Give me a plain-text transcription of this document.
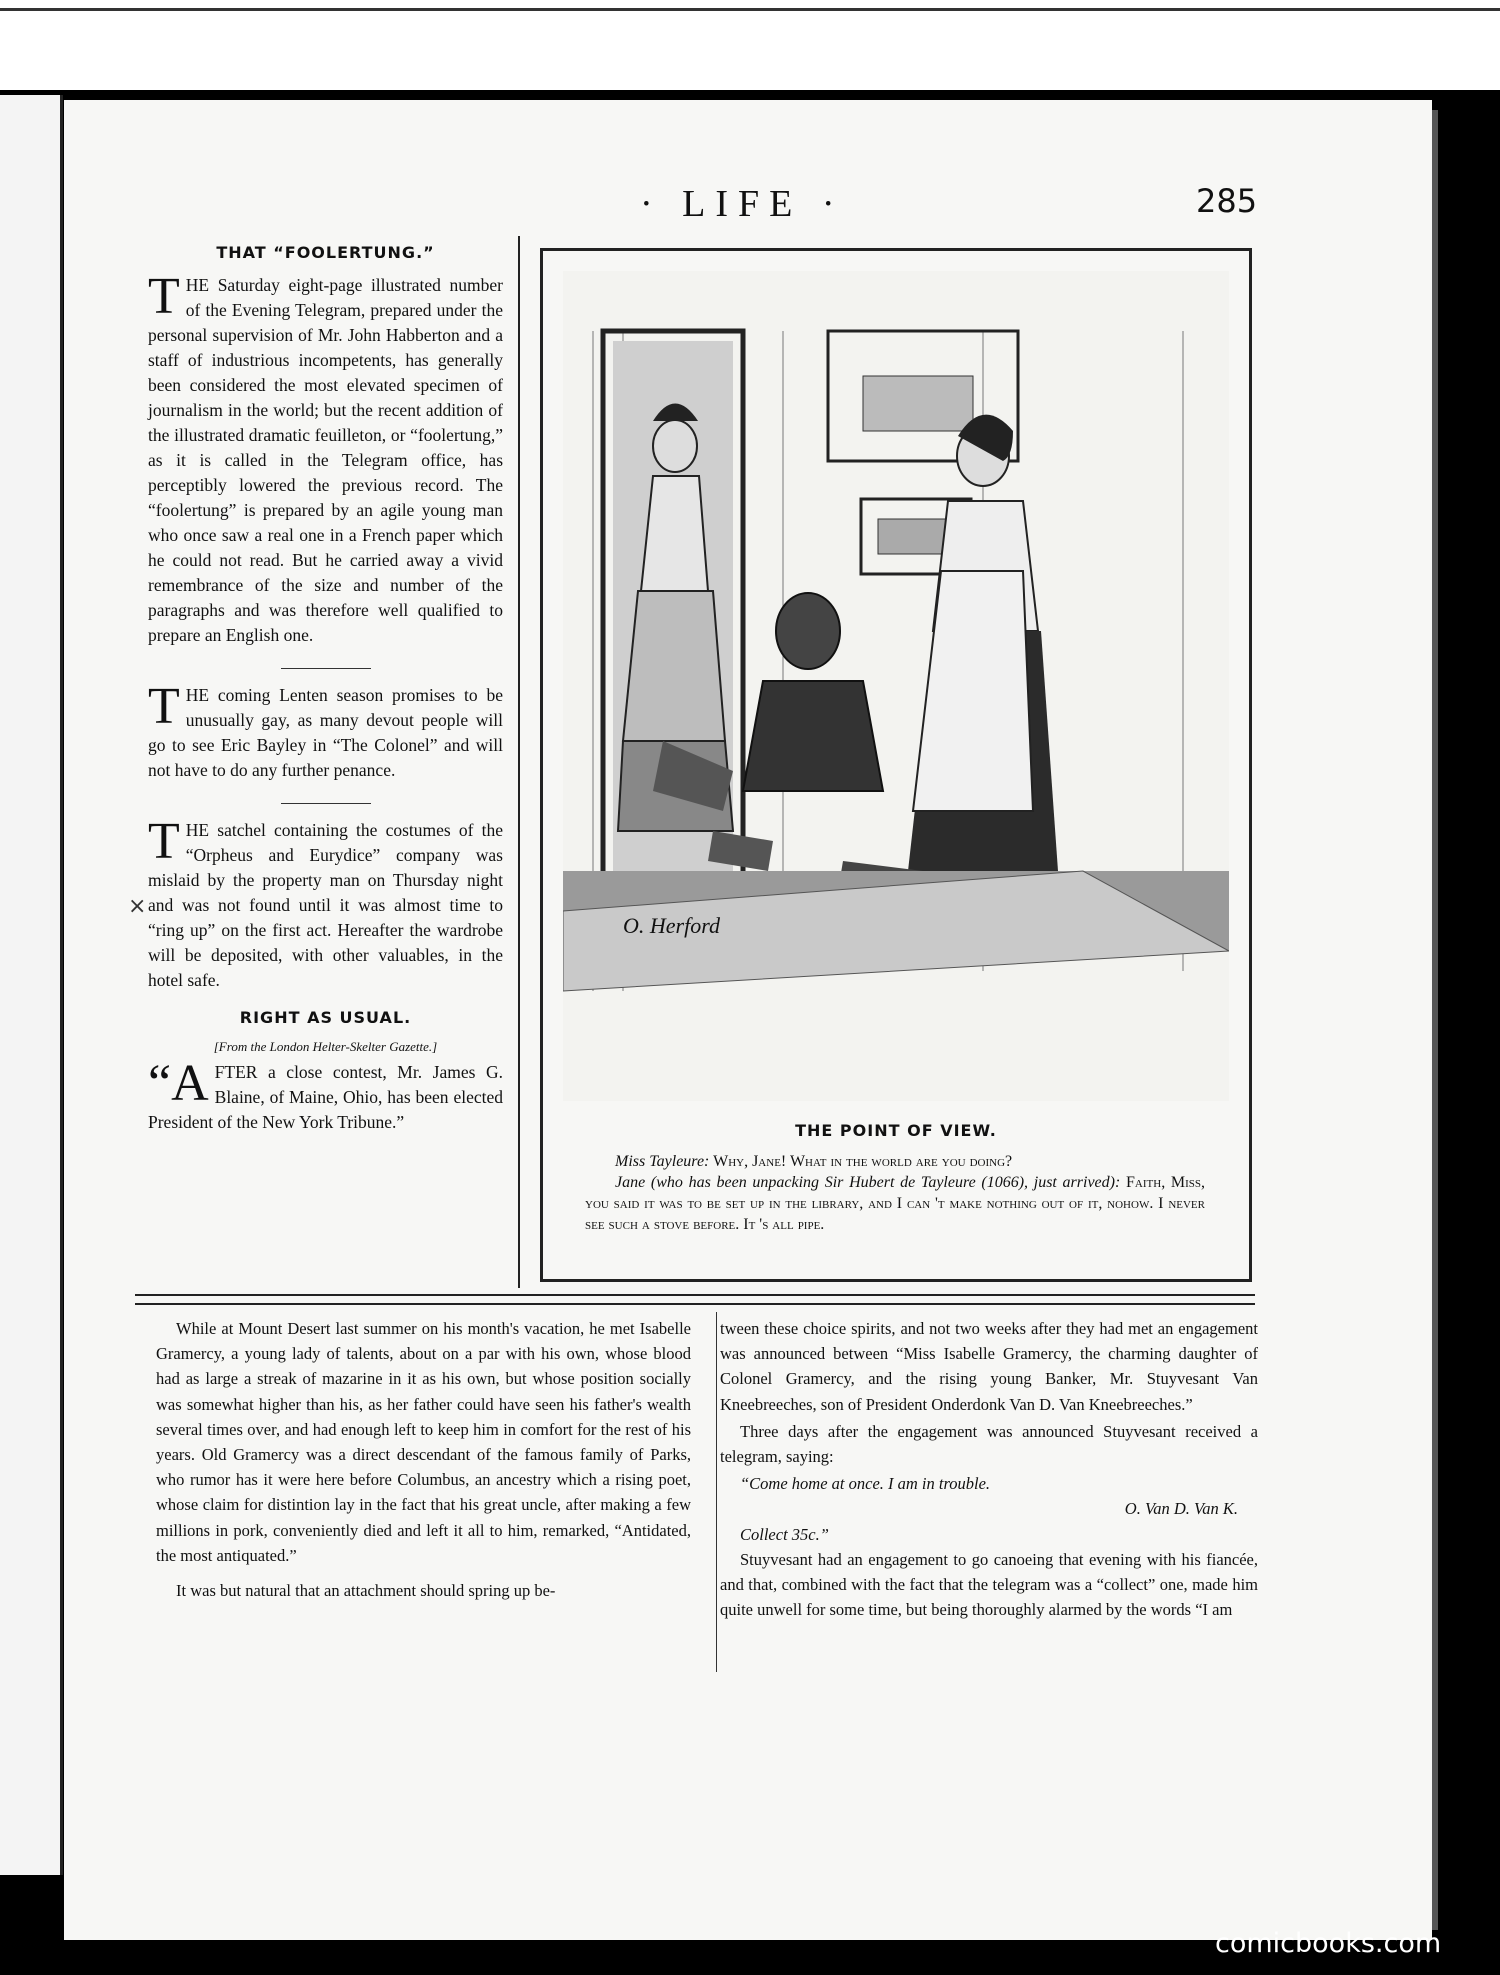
· LIFE ·	285
THAT “FOOLERTUNG.”

THE Saturday eight-page illustrated number of the Evening Telegram, prepared under the personal supervision of Mr. John Habberton and a staff of industrious incompetents, has generally been considered the most elevated specimen of journalism in the world; but the recent addition of the illustrated dramatic feuilleton, or “foolertung,” as it is called in the Telegram office, has perceptibly lowered the previous record. The “foolertung” is prepared by an agile young man who once saw a real one in a French paper which he could not read. But he carried away a vivid remembrance of the size and number of the paragraphs and was therefore well qualified to prepare an English one.

THE coming Lenten season promises to be unusually gay, as many devout people will go to see Eric Bayley in “The Colonel” and will not have to do any further penance.

THE satchel containing the costumes of the “Orpheus and Eurydice” company was mislaid by the property man on Thursday night and was not found until it was almost time to “ring up” on the first act. Hereafter the wardrobe will be deposited, with other valuables, in the hotel safe.

RIGHT AS USUAL.
[From the London Helter-Skelter Gazette.]

“AFTER a close contest, Mr. James G. Blaine, of Maine, Ohio, has been elected President of the New York Tribune.”

×
O. Herford
THE POINT OF VIEW.
Miss Tayleure: Why, Jane! What in the world are you doing?
Jane (who has been unpacking Sir Hubert de Tayleure (1066), just arrived): Faith, Miss, you said it was to be set up in the library, and I can 't make nothing out of it, nohow. I never see such a stove before. It 's all pipe.

While at Mount Desert last summer on his month's vacation, he met Isabelle Gramercy, a young lady of talents, about on a par with his own, whose blood had as large a streak of mazarine in it as his own, but whose position socially was somewhat higher than his, as her father could have seen his father's wealth several times over, and had enough left to keep him in comfort for the rest of his years. Old Gramercy was a direct descendant of the famous family of Parks, who rumor has it were here before Columbus, an ancestry which a rising poet, whose claim for distintion lay in the fact that his great uncle, after making a few millions in pork, conveniently died and left it all to him, remarked, “Antidated, the most antiquated.”

It was but natural that an attachment should spring up be-

tween these choice spirits, and not two weeks after they had met an engagement was announced between “Miss Isabelle Gramercy, the charming daughter of Colonel Gramercy, and the rising young Banker, Mr. Stuyvesant Van Kneebreeches, son of President Onderdonk Van D. Van Kneebreeches.”

Three days after the engagement was announced Stuyvesant received a telegram, saying:

“Come home at once. I am in trouble.
O. Van D. Van K.
Collect 35c.”

Stuyvesant had an engagement to go canoeing that evening with his fiancée, and that, combined with the fact that the telegram was a “collect” one, made him quite unwell for some time, but being thoroughly alarmed by the words “I am

comicbooks.com
